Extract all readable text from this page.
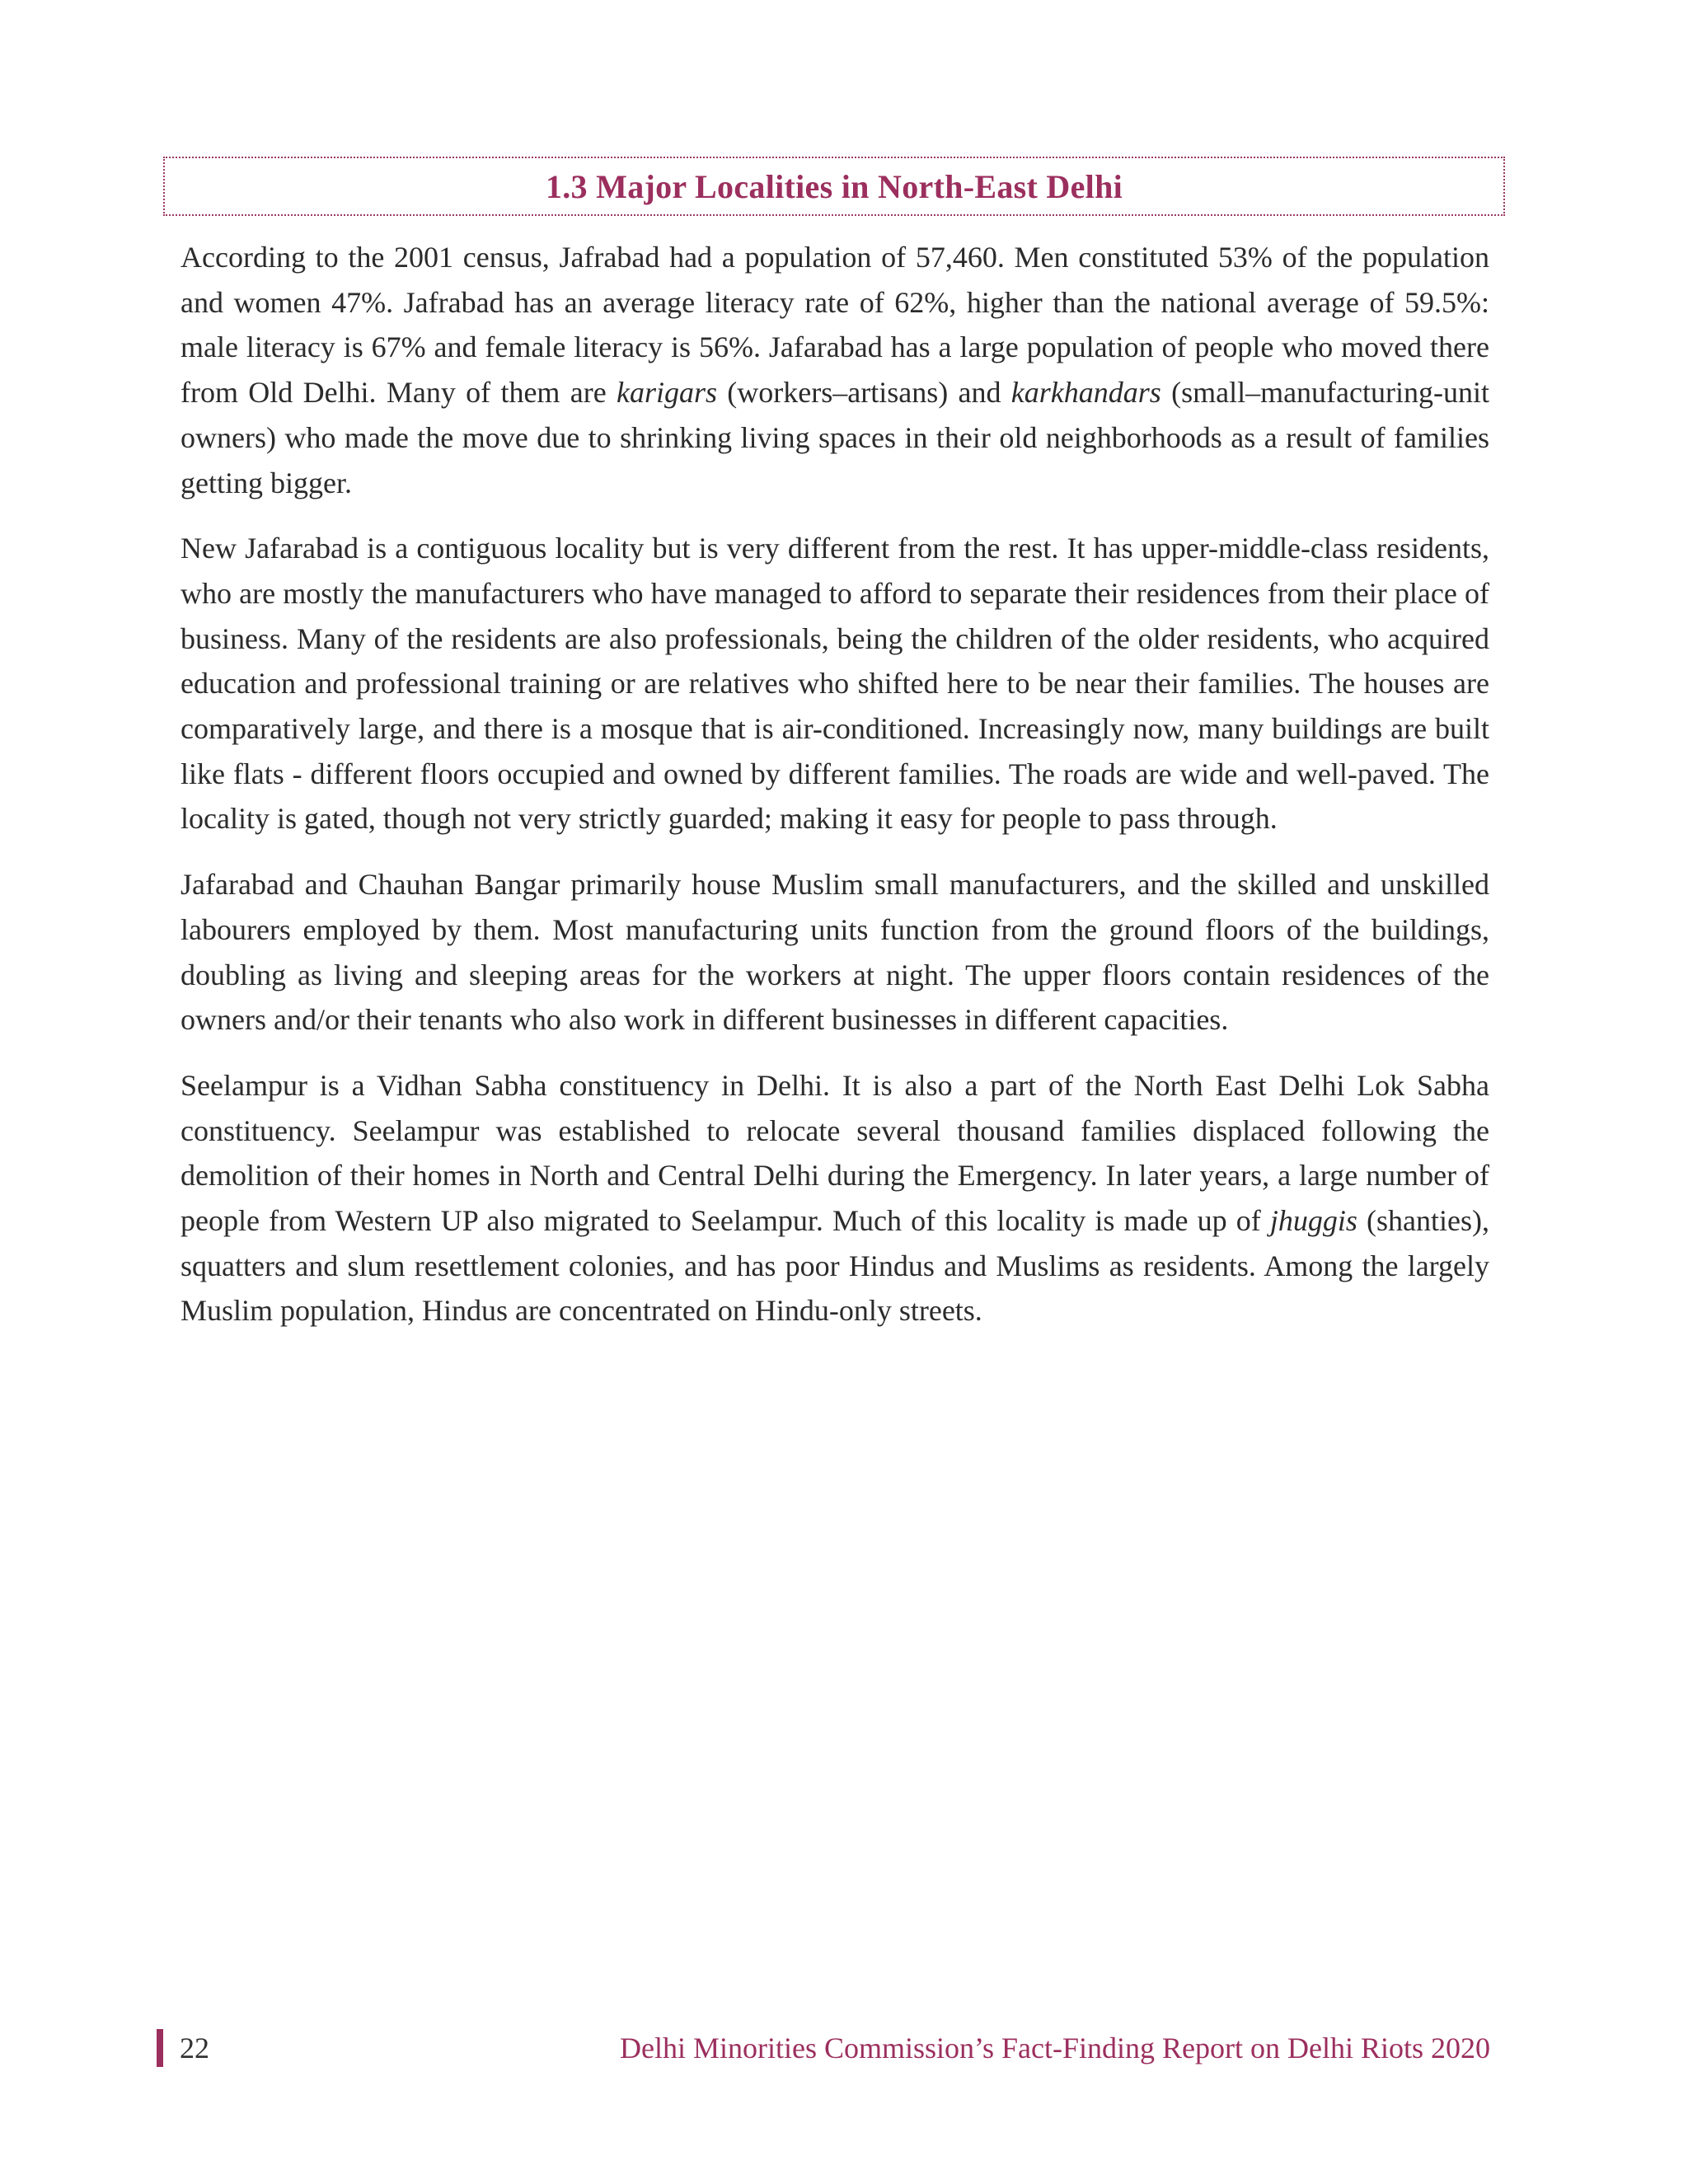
1.3 Major Localities in North-East Delhi

According to the 2001 census, Jafrabad had a population of 57,460. Men constituted 53% of the population and women 47%. Jafrabad has an average literacy rate of 62%, higher than the national average of 59.5%: male literacy is 67% and female literacy is 56%. Jafarabad has a large population of people who moved there from Old Delhi. Many of them are karigars (workers–artisans) and karkhandars (small–manufacturing-unit owners) who made the move due to shrinking living spaces in their old neighborhoods as a result of families getting bigger.

New Jafarabad is a contiguous locality but is very different from the rest. It has upper-middle-class residents, who are mostly the manufacturers who have managed to afford to separate their residences from their place of business. Many of the residents are also professionals, being the children of the older residents, who acquired education and professional training or are relatives who shifted here to be near their families. The houses are comparatively large, and there is a mosque that is air-conditioned. Increasingly now, many buildings are built like flats - different floors occupied and owned by different families. The roads are wide and well-paved. The locality is gated, though not very strictly guarded; making it easy for people to pass through.

Jafarabad and Chauhan Bangar primarily house Muslim small manufacturers, and the skilled and unskilled labourers employed by them. Most manufacturing units function from the ground floors of the buildings, doubling as living and sleeping areas for the workers at night. The upper floors contain residences of the owners and/or their tenants who also work in different businesses in different capacities.

Seelampur is a Vidhan Sabha constituency in Delhi. It is also a part of the North East Delhi Lok Sabha constituency. Seelampur was established to relocate several thousand families displaced following the demolition of their homes in North and Central Delhi during the Emergency. In later years, a large number of people from Western UP also migrated to Seelampur. Much of this locality is made up of jhuggis (shanties), squatters and slum resettlement colonies, and has poor Hindus and Muslims as residents. Among the largely Muslim population, Hindus are concentrated on Hindu-only streets.

22	Delhi Minorities Commission’s Fact-Finding Report on Delhi Riots 2020
